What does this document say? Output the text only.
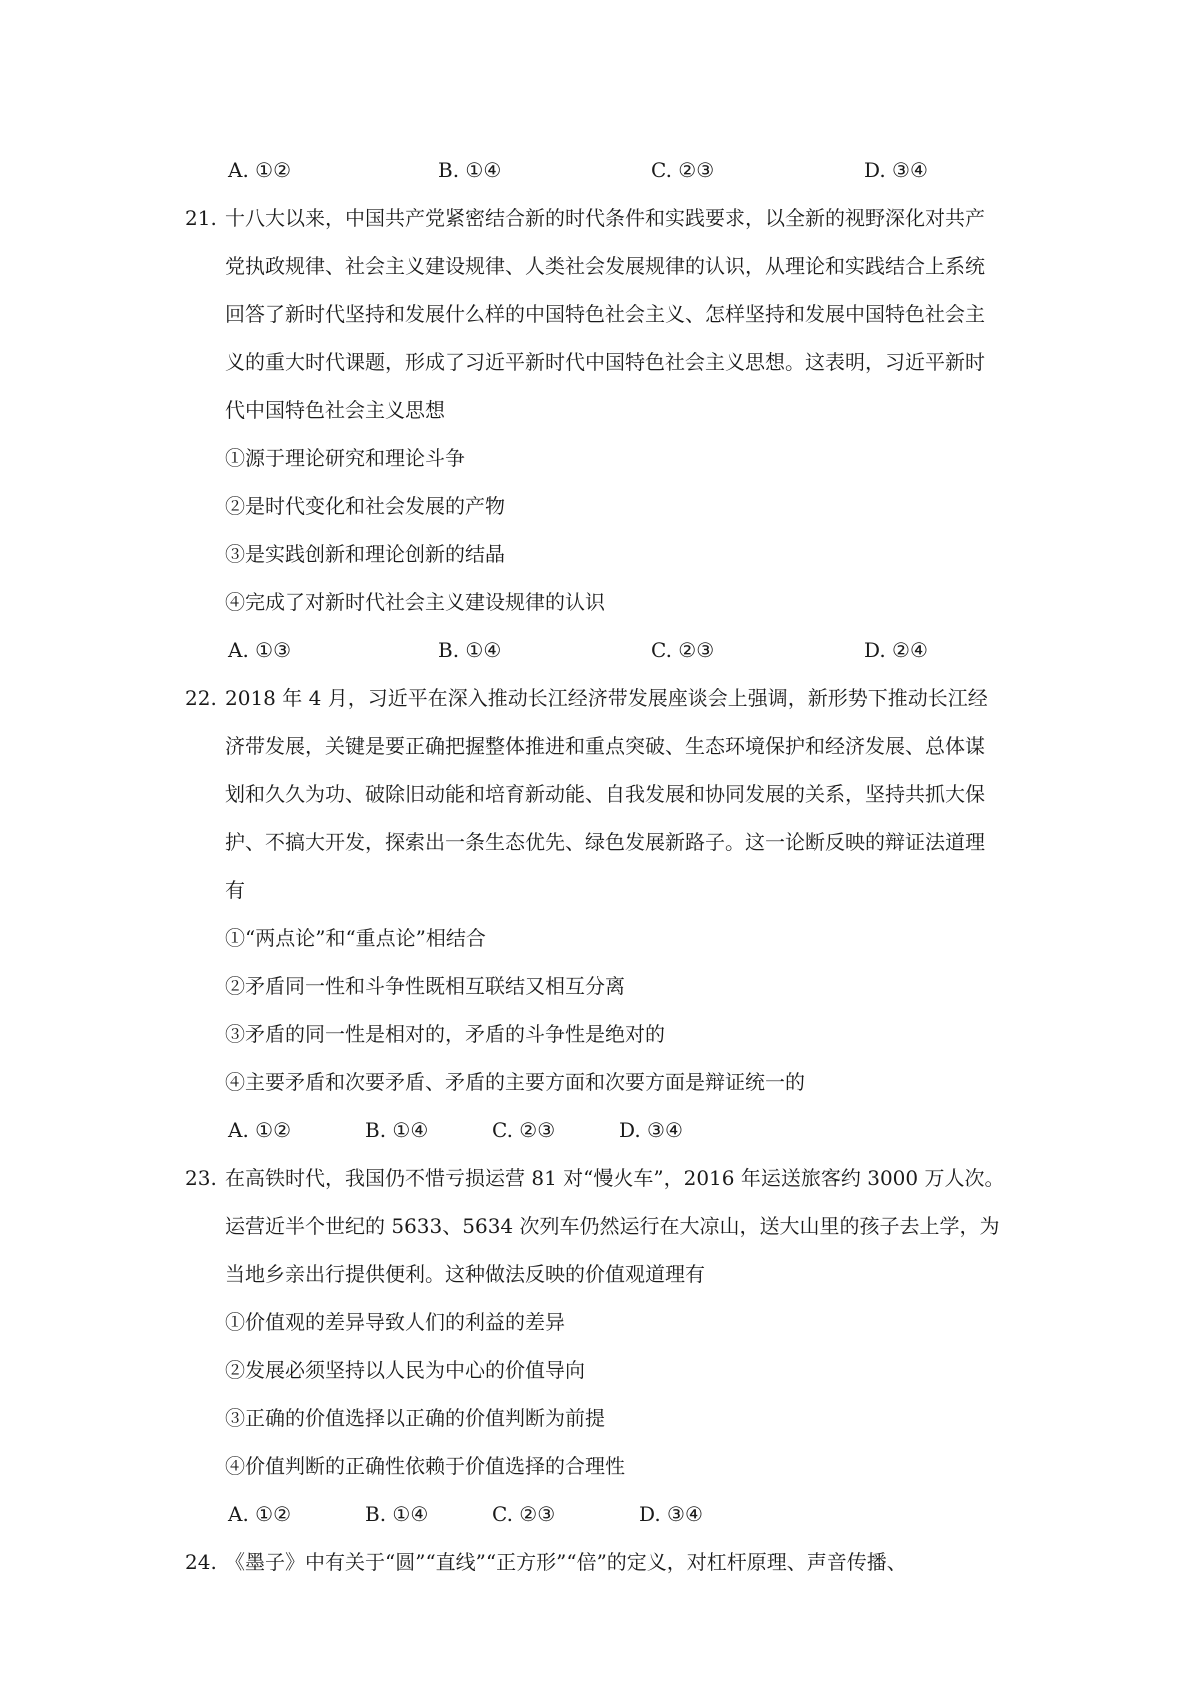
A. ①②	B. ①④	C. ②③	D. ③④
21. 十八大以来，中国共产党紧密结合新的时代条件和实践要求，以全新的视野深化对共产
党执政规律、社会主义建设规律、人类社会发展规律的认识，从理论和实践结合上系统
回答了新时代坚持和发展什么样的中国特色社会主义、怎样坚持和发展中国特色社会主
义的重大时代课题，形成了习近平新时代中国特色社会主义思想。这表明，习近平新时
代中国特色社会主义思想
①源于理论研究和理论斗争
②是时代变化和社会发展的产物
③是实践创新和理论创新的结晶
④完成了对新时代社会主义建设规律的认识
A. ①③	B. ①④	C. ②③	D. ②④
22. 2018 年 4 月，习近平在深入推动长江经济带发展座谈会上强调，新形势下推动长江经
济带发展，关键是要正确把握整体推进和重点突破、生态环境保护和经济发展、总体谋
划和久久为功、破除旧动能和培育新动能、自我发展和协同发展的关系，坚持共抓大保
护、不搞大开发，探索出一条生态优先、绿色发展新路子。这一论断反映的辩证法道理
有
①“两点论”和“重点论”相结合
②矛盾同一性和斗争性既相互联结又相互分离
③矛盾的同一性是相对的，矛盾的斗争性是绝对的
④主要矛盾和次要矛盾、矛盾的主要方面和次要方面是辩证统一的
A. ①②	B. ①④	C. ②③	D. ③④
23. 在高铁时代，我国仍不惜亏损运营 81 对“慢火车”，2016 年运送旅客约 3000 万人次。
运营近半个世纪的 5633、5634 次列车仍然运行在大凉山，送大山里的孩子去上学，为
当地乡亲出行提供便利。这种做法反映的价值观道理有
①价值观的差异导致人们的利益的差异
②发展必须坚持以人民为中心的价值导向
③正确的价值选择以正确的价值判断为前提
④价值判断的正确性依赖于价值选择的合理性
A. ①②	B. ①④	C. ②③	D. ③④
24. 《墨子》中有关于“圆”“直线”“正方形”“倍”的定义，对杠杆原理、声音传播、
